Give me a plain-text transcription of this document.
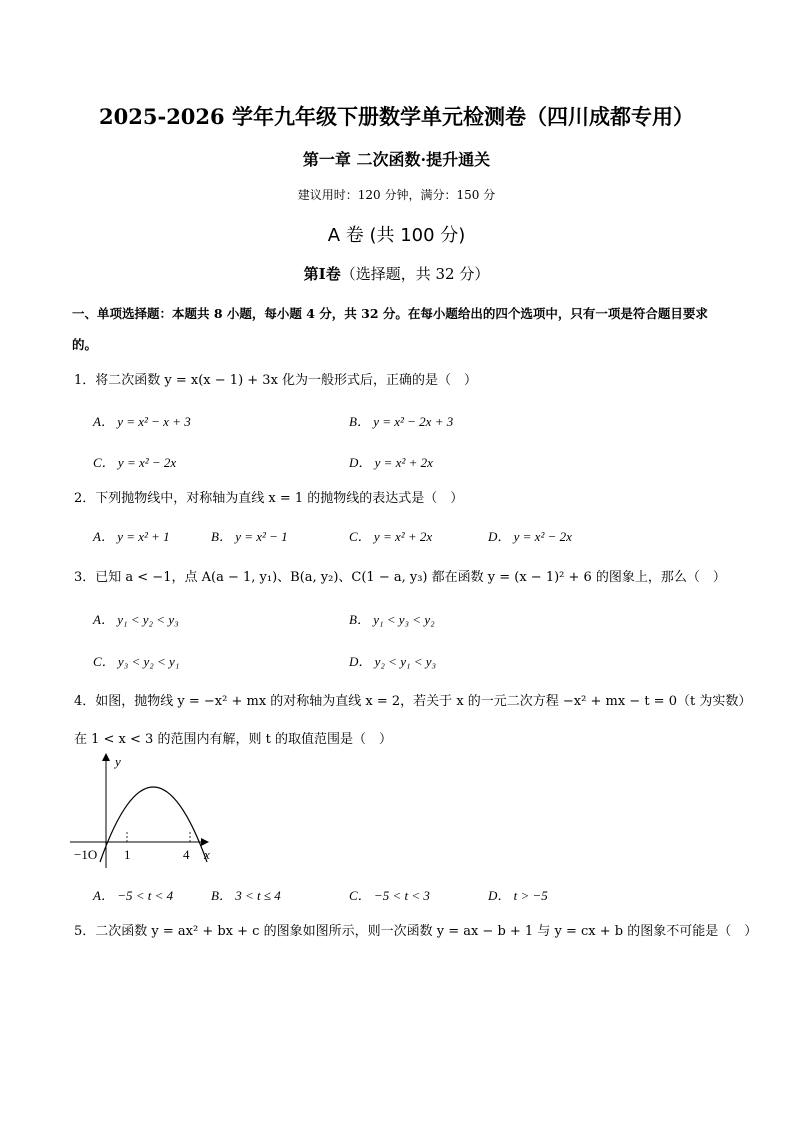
2025-2026 学年九年级下册数学单元检测卷（四川成都专用）
第一章 二次函数·提升通关
建议用时：120 分钟，满分：150 分
A 卷 (共 100 分)
第Ⅰ卷（选择题，共 32 分）
一、单项选择题：本题共 8 小题，每小题 4 分，共 32 分。在每小题给出的四个选项中，只有一项是符合题目要求的。
1．将二次函数 y = x(x − 1) + 3x 化为一般形式后，正确的是（　）
A． y = x² − x + 3	B． y = x² − 2x + 3
C． y = x² − 2x	D． y = x² + 2x
2．下列抛物线中，对称轴为直线 x = 1 的抛物线的表达式是（　）
A． y = x² + 1	B． y = x² − 1	C． y = x² + 2x	D． y = x² − 2x
3．已知 a < −1，点 A(a − 1, y₁)、B(a, y₂)、C(1 − a, y₃) 都在函数 y = (x − 1)² + 6 的图象上，那么（　）
A． y₁ < y₂ < y₃	B． y₁ < y₃ < y₂
C． y₃ < y₂ < y₁	D． y₂ < y₁ < y₃
4．如图，抛物线 y = −x² + mx 的对称轴为直线 x = 2，若关于 x 的一元二次方程 −x² + mx − t = 0（t 为实数）
在 1 < x < 3 的范围内有解，则 t 的取值范围是（　）
y
x
−1O 1	4
A． −5 < t < 4	B． 3 < t ≤ 4	C． −5 < t < 3	D． t > −5
5．二次函数 y = ax² + bx + c 的图象如图所示，则一次函数 y = ax − b + 1 与 y = cx + b 的图象不可能是（　）
